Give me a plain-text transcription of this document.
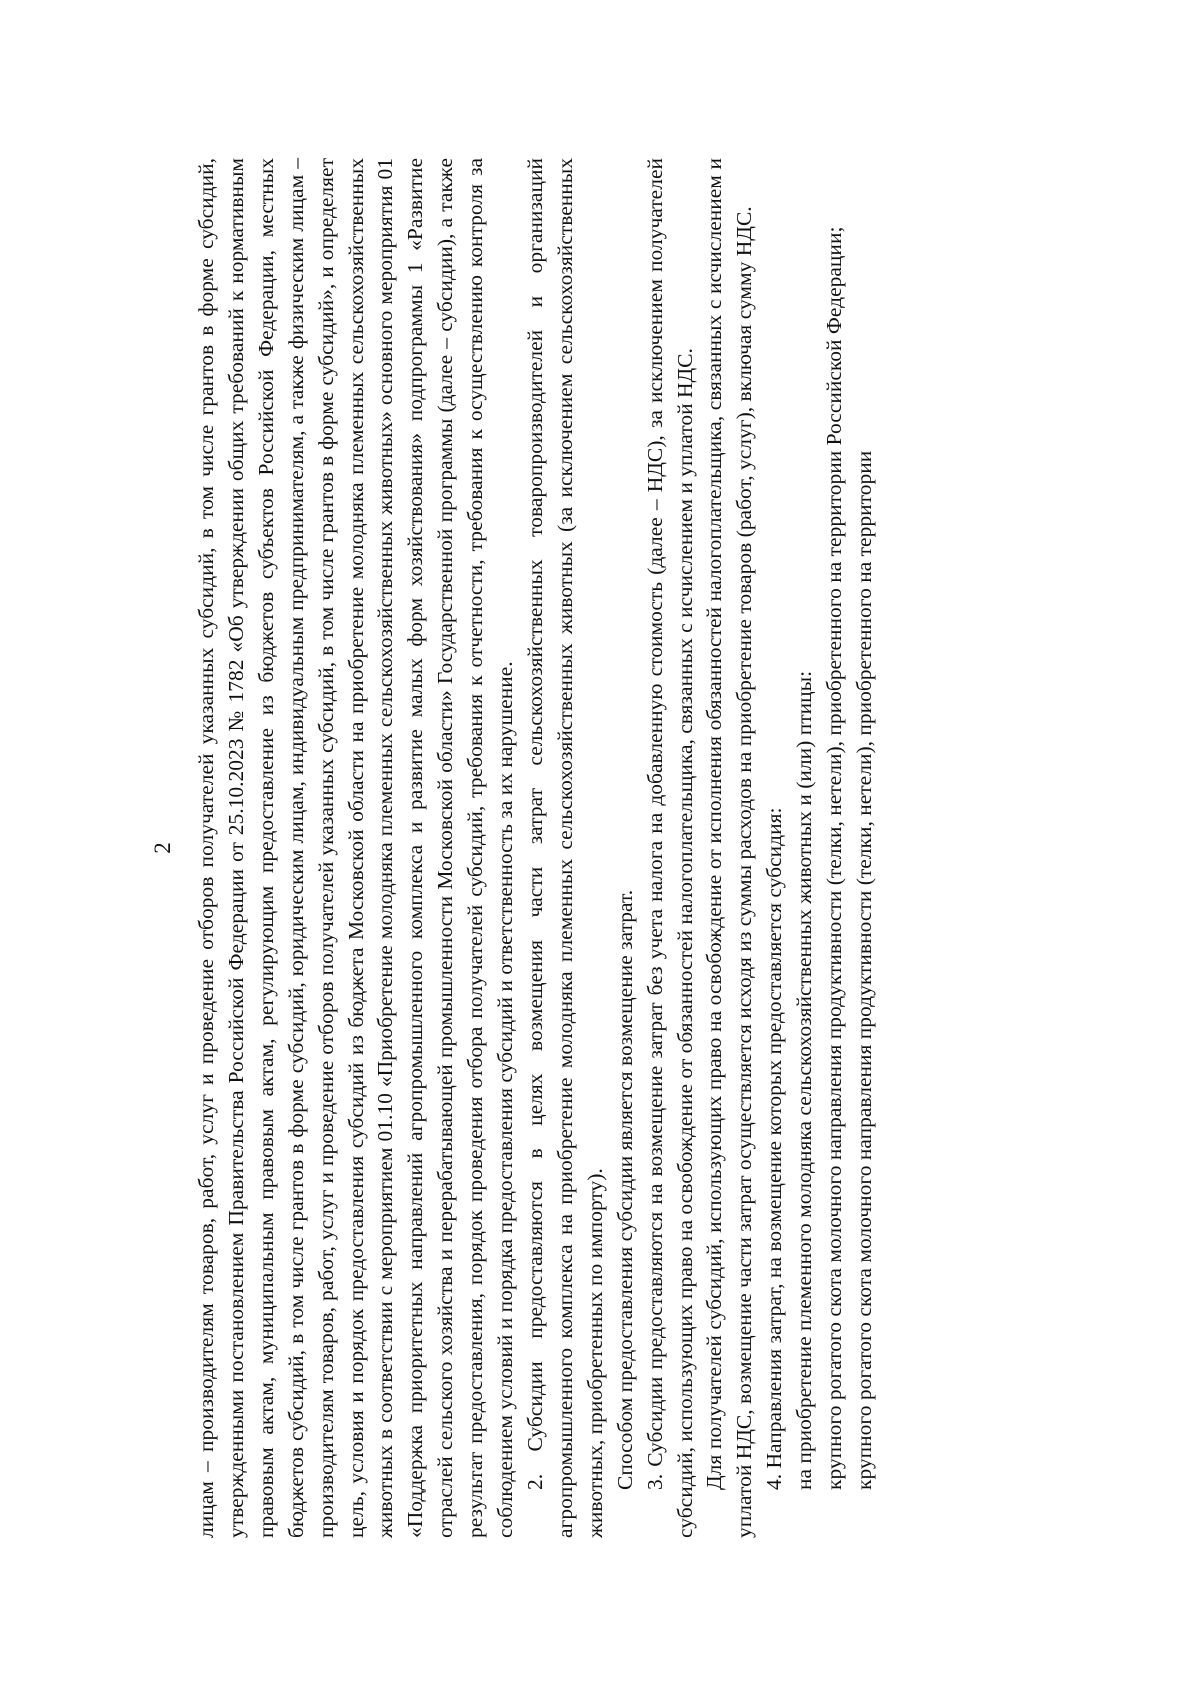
2 лицам – производителям товаров, работ, услуг и проведение отборов получателей указанных субсидий, в том числе грантов в форме субсидий, утвержденными постановлением Правительства Российской Федерации от 25.10.2023 № 1782 «Об утверждении общих требований к нормативным правовым актам, муниципальным правовым актам, регулирующим предоставление из бюджетов субъектов Российской Федерации, местных бюджетов субсидий, в том числе грантов в форме субсидий, юридическим лицам, индивидуальным предпринимателям, а также физическим лицам – производителям товаров, работ, услуг и проведение отборов получателей указанных субсидий, в том числе грантов в форме субсидий», и определяет цель, условия и порядок предоставления субсидий из бюджета Московской области на приобретение молодняка племенных сельскохозяйственных животных в соответствии с мероприятием 01.10 «Приобретение молодняка племенных сельскохозяйственных животных» основного мероприятия 01 «Поддержка приоритетных направлений агропромышленного комплекса и развитие малых форм хозяйствования» подпрограммы 1 «Развитие отраслей сельского хозяйства и перерабатывающей промышленности Московской области» Государственной программы (далее – субсидии), а также результат предоставления, порядок проведения отбора получателей субсидий, требования к отчетности, требования к осуществлению контроля за соблюдением условий и порядка предоставления субсидий и ответственность за их нарушение. 2. Субсидии предоставляются в целях возмещения части затрат сельскохозяйственных товаропроизводителей и организаций агропромышленного комплекса на приобретение молодняка племенных сельскохозяйственных животных (за исключением сельскохозяйственных животных, приобретенных по импорту). Способом предоставления субсидии является возмещение затрат. 3. Субсидии предоставляются на возмещение затрат без учета налога на добавленную стоимость (далее – НДС), за исключением получателей субсидий, использующих право на освобождение от обязанностей налогоплательщика, связанных с исчислением и уплатой НДС. Для получателей субсидий, использующих право на освобождение от исполнения обязанностей налогоплательщика, связанных с исчислением и уплатой НДС, возмещение части затрат осуществляется исходя из суммы расходов на приобретение товаров (работ, услуг), включая сумму НДС. 4. Направления затрат, на возмещение которых предоставляется субсидия: на приобретение племенного молодняка сельскохозяйственных животных и (или) птицы: крупного рогатого скота молочного направления продуктивности (телки, нетели), приобретенного на территории Российской Федерации; крупного рогатого скота молочного направления продуктивности (телки, нетели), приобретенного на территории
